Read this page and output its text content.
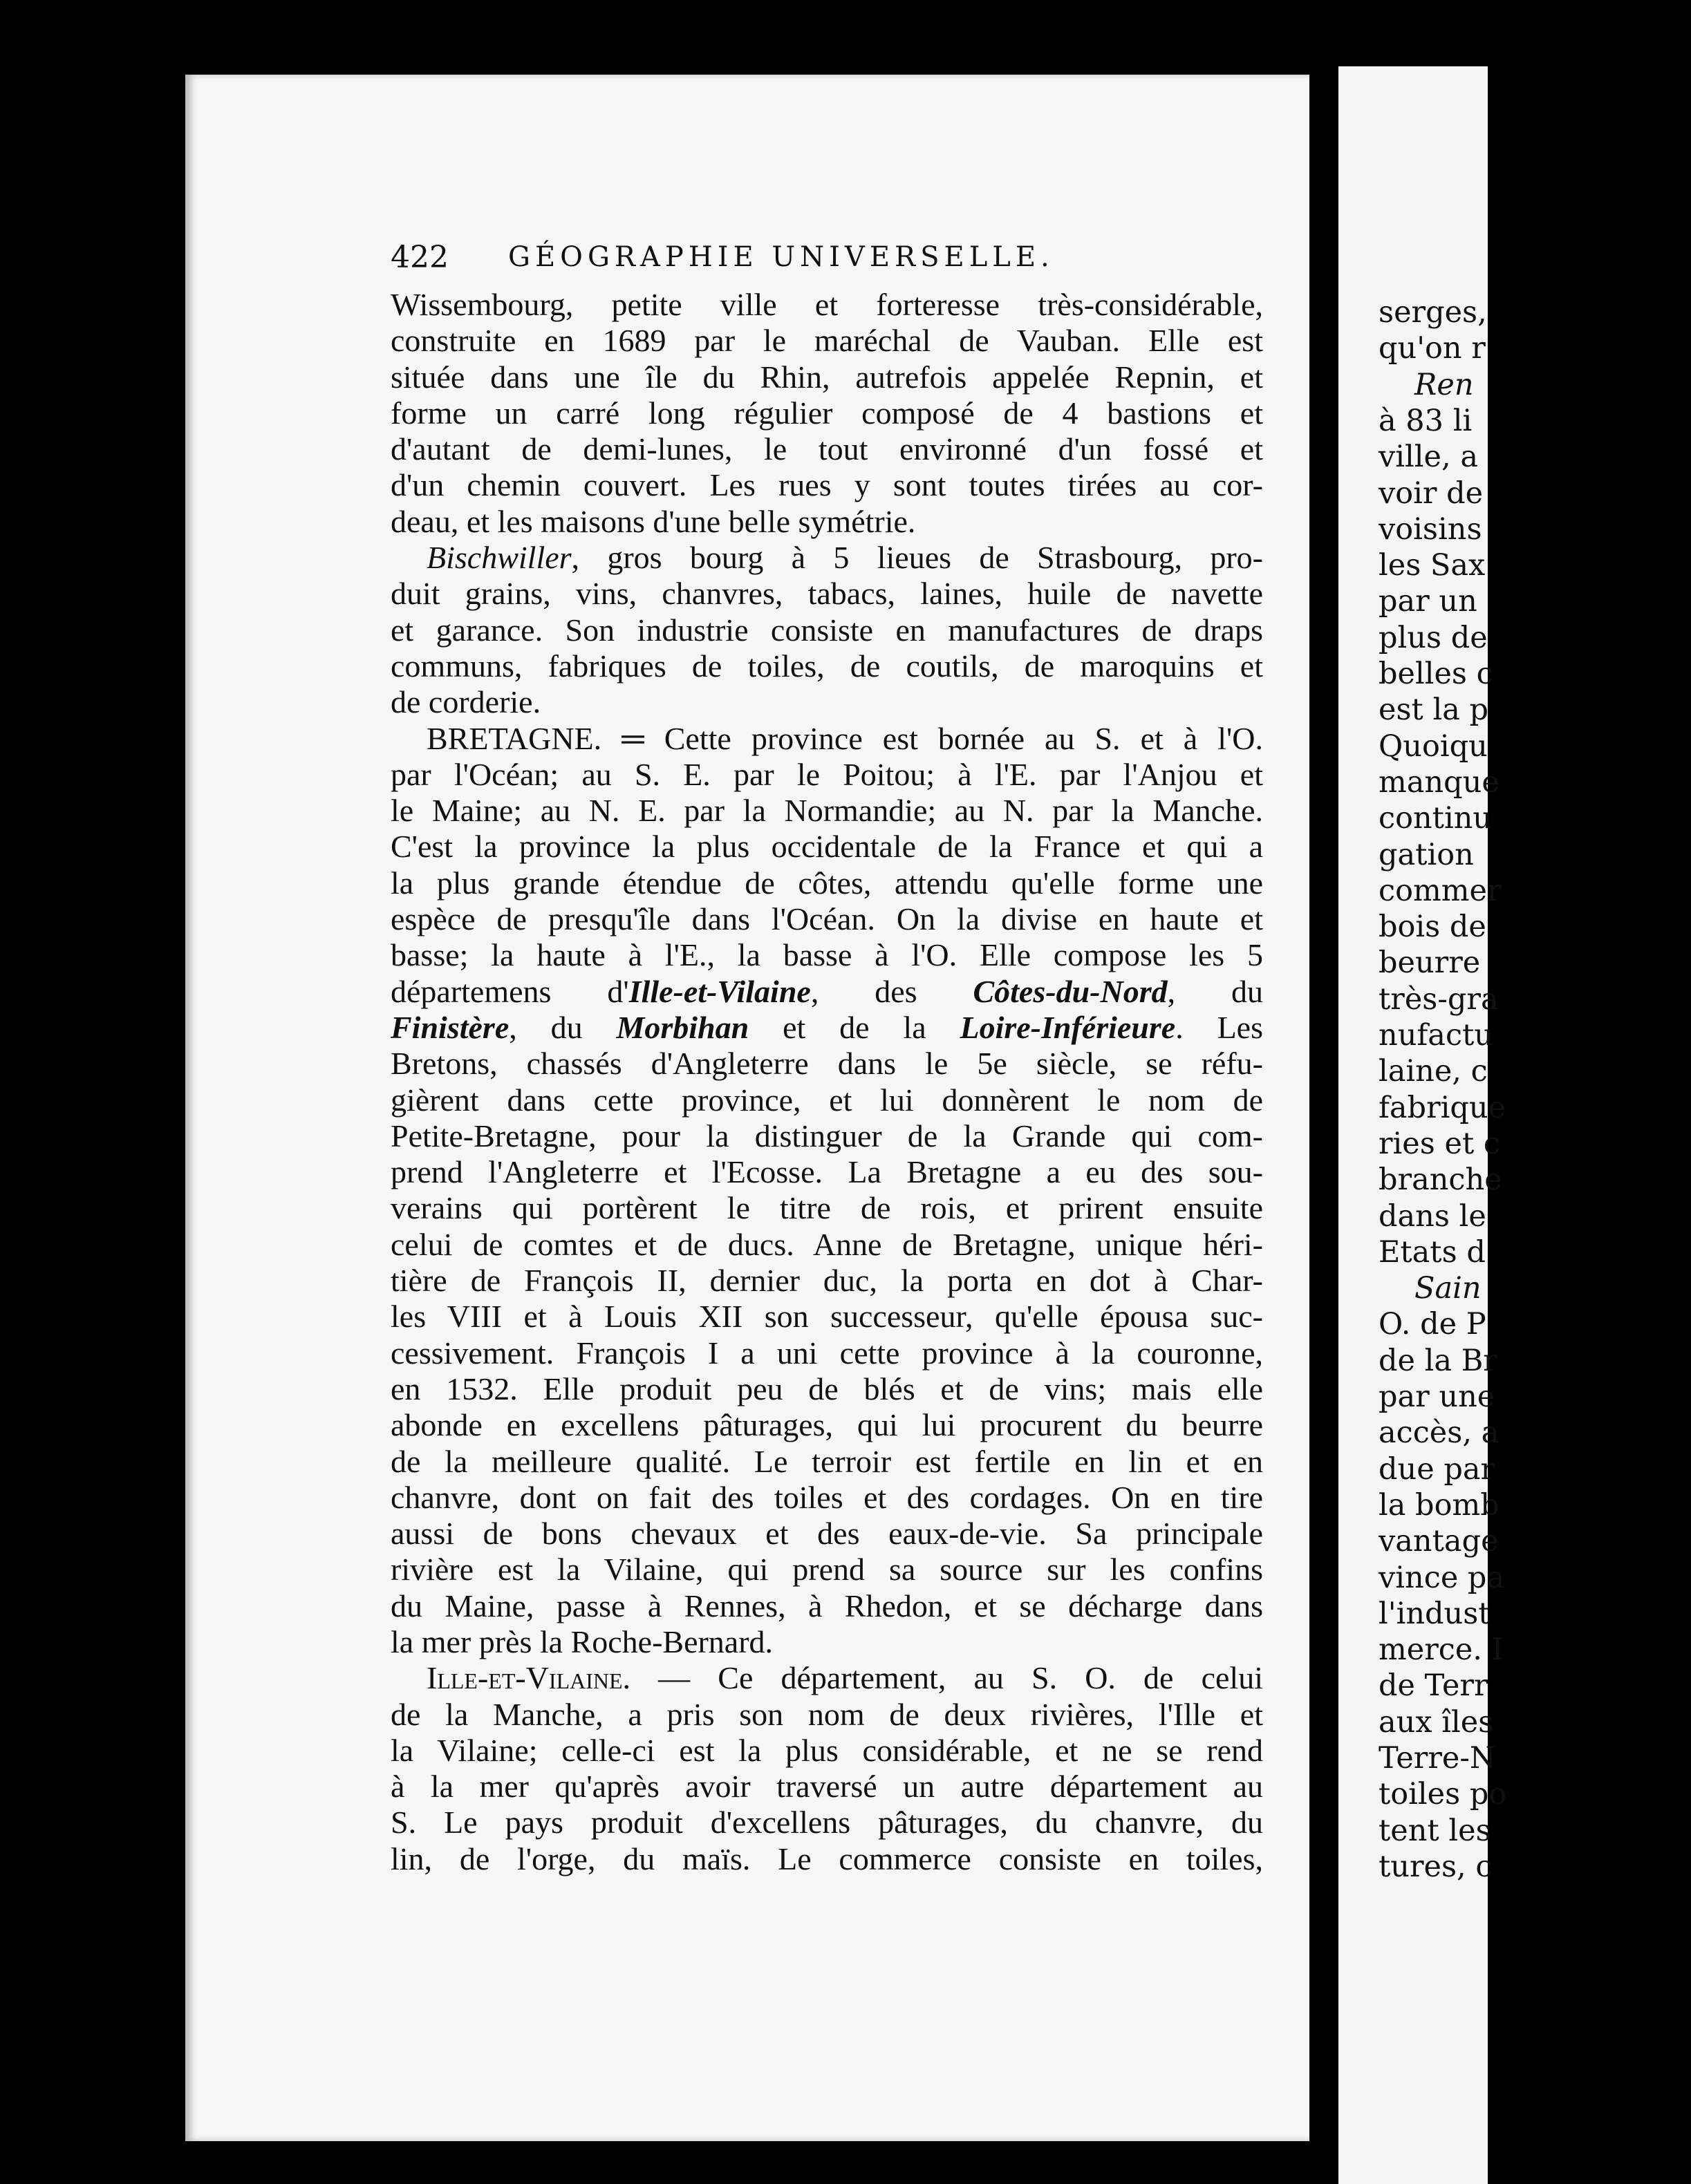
serges,
qu'on r
Ren
à 83 li
ville, a
voir de
voisins
les Sax
par un
plus de
belles c
est la p
Quoiqu
manque
continu
gation
commer
bois de
beurre
très-gra
nufactu
laine, c
fabrique
ries et c
branche
dans le
Etats d
Sain
O. de P
de la Br
par une
accès, a
due par
la bomb
vantage
vince pa
l'indust
merce. I
de Terr
aux îles
Terre-N
toiles po
tent les
tures, c
422 GÉOGRAPHIE UNIVERSELLE.
Wissembourg, petite ville et forteresse très-considérable,
construite en 1689 par le maréchal de Vauban. Elle est
située dans une île du Rhin, autrefois appelée Repnin, et
forme un carré long régulier composé de 4 bastions et
d'autant de demi-lunes, le tout environné d'un fossé et
d'un chemin couvert. Les rues y sont toutes tirées au cor-
deau, et les maisons d'une belle symétrie.
Bischwiller, gros bourg à 5 lieues de Strasbourg, pro-
duit grains, vins, chanvres, tabacs, laines, huile de navette
et garance. Son industrie consiste en manufactures de draps
communs, fabriques de toiles, de coutils, de maroquins et
de corderie.
BRETAGNE. ═ Cette province est bornée au S. et à l'O.
par l'Océan; au S. E. par le Poitou; à l'E. par l'Anjou et
le Maine; au N. E. par la Normandie; au N. par la Manche.
C'est la province la plus occidentale de la France et qui a
la plus grande étendue de côtes, attendu qu'elle forme une
espèce de presqu'île dans l'Océan. On la divise en haute et
basse; la haute à l'E., la basse à l'O. Elle compose les 5
départemens d'Ille-et-Vilaine, des Côtes-du-Nord, du
Finistère, du Morbihan et de la Loire-Inférieure. Les
Bretons, chassés d'Angleterre dans le 5e siècle, se réfu-
gièrent dans cette province, et lui donnèrent le nom de
Petite-Bretagne, pour la distinguer de la Grande qui com-
prend l'Angleterre et l'Ecosse. La Bretagne a eu des sou-
verains qui portèrent le titre de rois, et prirent ensuite
celui de comtes et de ducs. Anne de Bretagne, unique héri-
tière de François II, dernier duc, la porta en dot à Char-
les VIII et à Louis XII son successeur, qu'elle épousa suc-
cessivement. François I a uni cette province à la couronne,
en 1532. Elle produit peu de blés et de vins; mais elle
abonde en excellens pâturages, qui lui procurent du beurre
de la meilleure qualité. Le terroir est fertile en lin et en
chanvre, dont on fait des toiles et des cordages. On en tire
aussi de bons chevaux et des eaux-de-vie. Sa principale
rivière est la Vilaine, qui prend sa source sur les confins
du Maine, passe à Rennes, à Rhedon, et se décharge dans
la mer près la Roche-Bernard.
Ille-et-Vilaine. — Ce département, au S. O. de celui
de la Manche, a pris son nom de deux rivières, l'Ille et
la Vilaine; celle-ci est la plus considérable, et ne se rend
à la mer qu'après avoir traversé un autre département au
S. Le pays produit d'excellens pâturages, du chanvre, du
lin, de l'orge, du maïs. Le commerce consiste en toiles,
